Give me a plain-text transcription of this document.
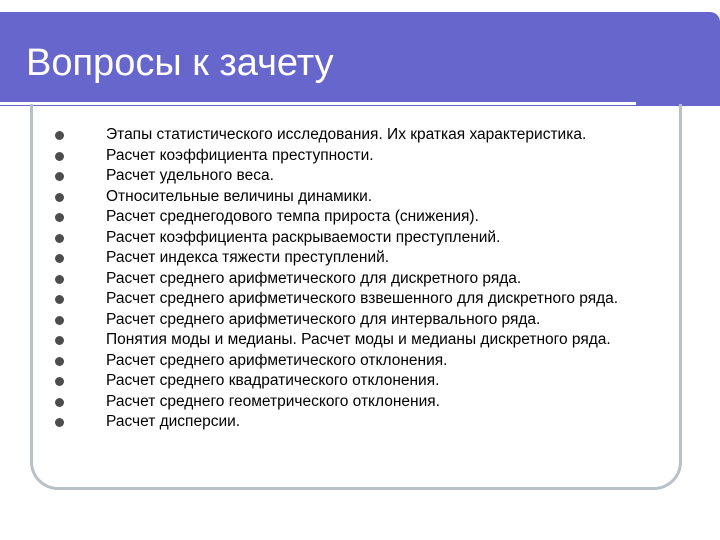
Вопросы к зачету
Этапы статистического исследования. Их краткая характеристика.
Расчет коэффициента преступности.
Расчет удельного веса.
Относительные величины динамики.
Расчет среднегодового темпа прироста (снижения).
Расчет коэффициента раскрываемости преступлений.
Расчет индекса тяжести преступлений.
Расчет среднего арифметического для дискретного ряда.
Расчет среднего арифметического взвешенного для дискретного ряда.
Расчет среднего арифметического для интервального ряда.
Понятия моды и медианы. Расчет моды и медианы дискретного ряда.
Расчет среднего арифметического отклонения.
Расчет среднего квадратического отклонения.
Расчет среднего геометрического отклонения.
Расчет дисперсии.
